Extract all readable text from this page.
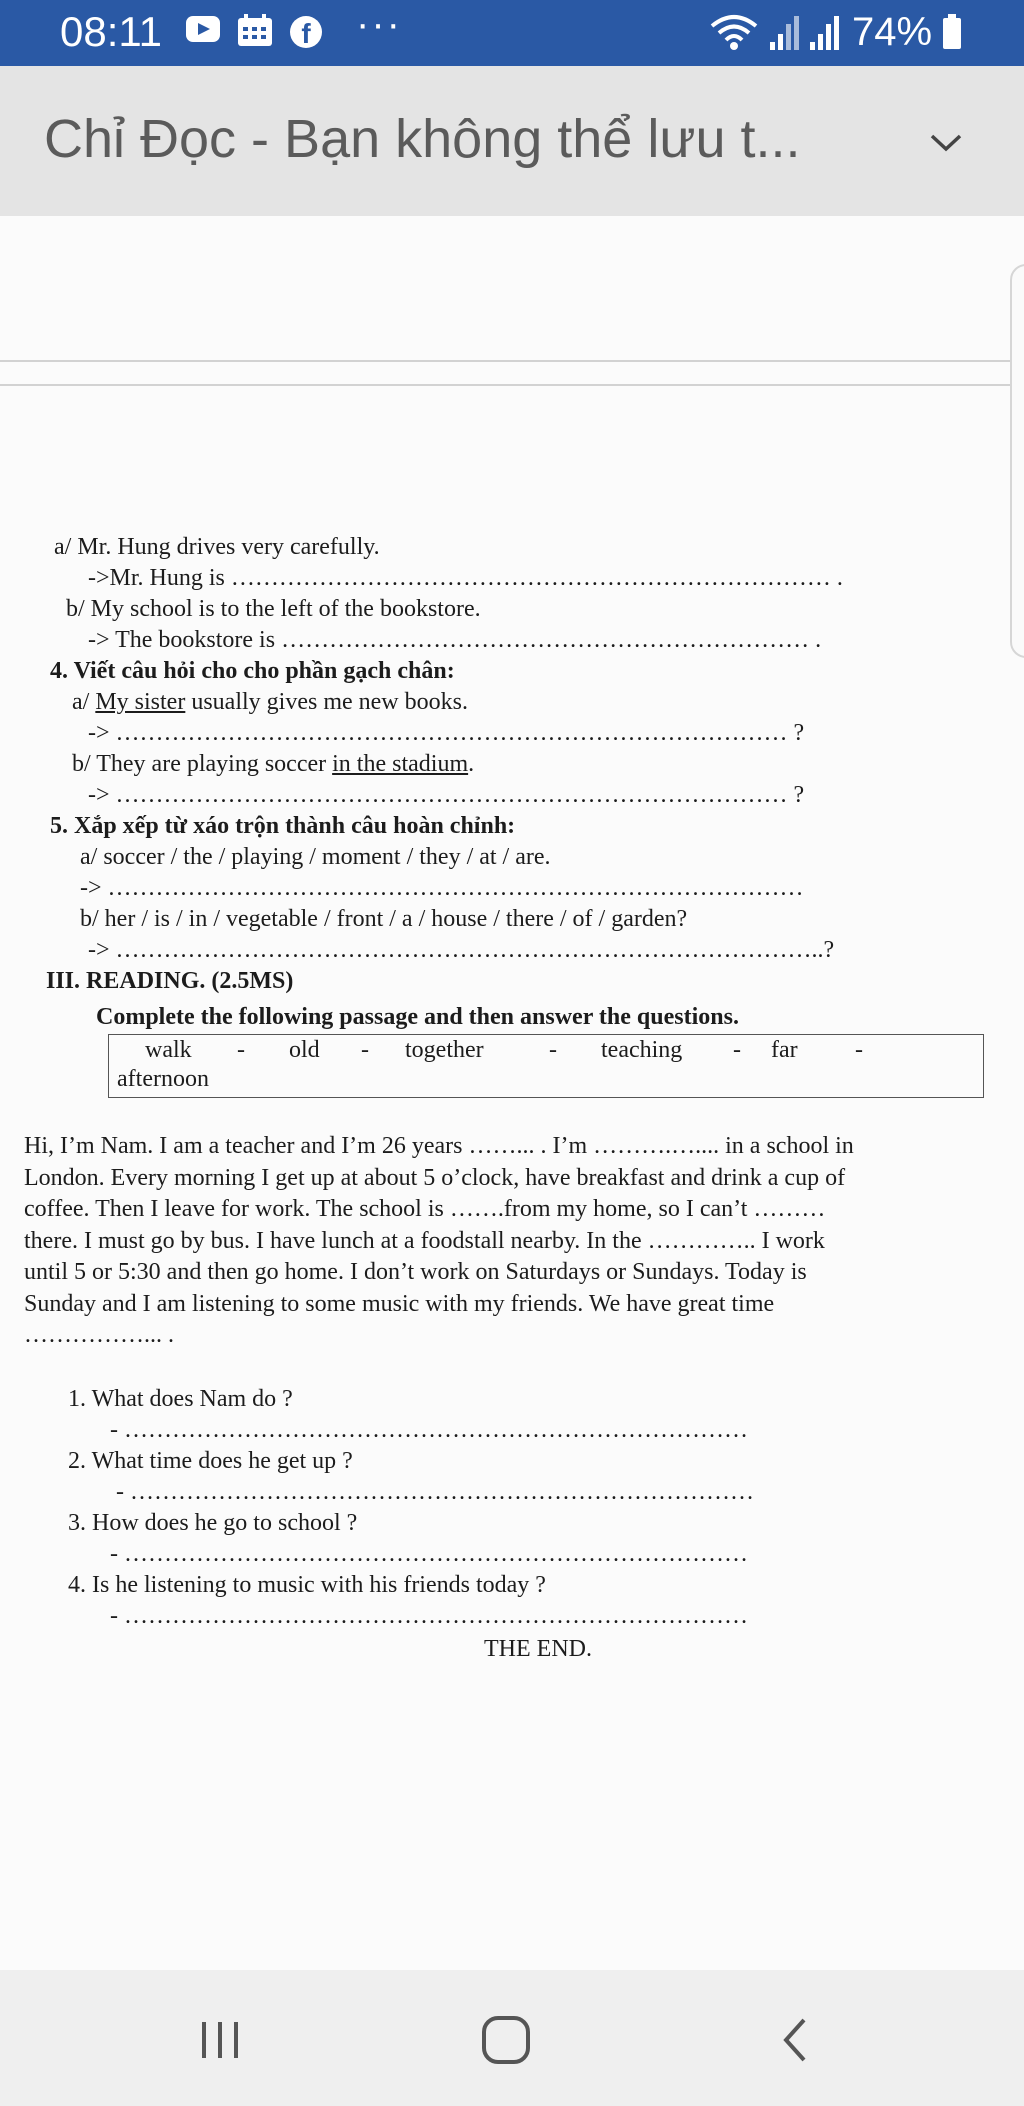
08:11	f ···	74%
Chỉ Đọc - Bạn không thể lưu t...
a/ Mr. Hung drives very carefully.
->Mr. Hung is ………………………………………………………………… .
b/ My school is to the left of the bookstore.
-> The bookstore is ………………………………………………………… .
4. Viết câu hỏi cho cho phần gạch chân:
a/ My sister usually gives me new books.
-> ………………………………………………………………………… ?
b/ They are playing soccer in the stadium.
-> ………………………………………………………………………… ?
5. Xắp xếp từ xáo trộn thành câu hoàn chỉnh:
a/ soccer / the / playing / moment / they / at / are.
-> ……………………………………………………………………………
b/ her / is / in / vegetable / front / a / house / there / of / garden?
-> ……………………………………………………………………………..?
III. READING. (2.5MS)
Complete the following passage and then answer the questions.
walk - old - together	- teaching - far -
afternoon
Hi, I’m Nam. I am a teacher and I’m 26 years ……... . I’m ……….….... in a school in
London. Every morning I get up at about 5 o’clock, have breakfast and drink a cup of
coffee. Then I leave for work. The school is …….from my home, so I can’t ………
there. I must go by bus. I have lunch at a foodstall nearby. In the ………….. I work
until 5 or 5:30 and then go home. I don’t work on Saturdays or Sundays. Today is
Sunday and I am listening to some music with my friends. We have great time
……………... .
1. What does Nam do ?
- ……………………………………………………………………
2. What time does he get up ?
- ……………………………………………………………………
3. How does he go to school ?
- ……………………………………………………………………
4. Is he listening to music with his friends today ?
- ……………………………………………………………………
THE END.
